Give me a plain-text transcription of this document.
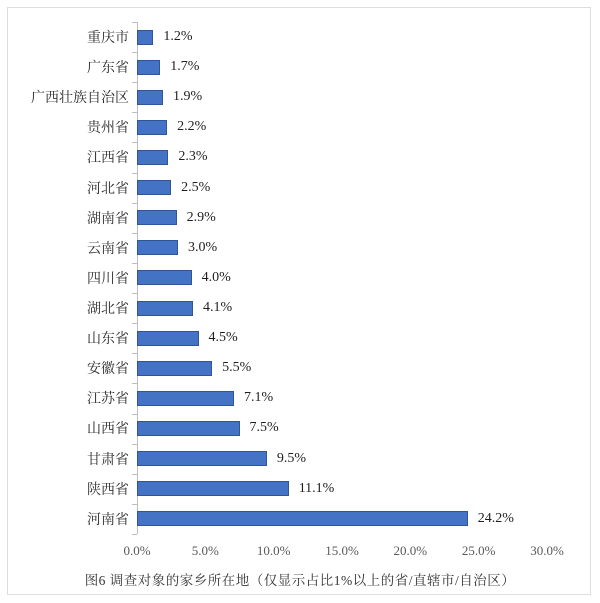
重庆市	1.2%
广东省	1.7%
广西壮族自治区	1.9%
贵州省	2.2%
江西省	2.3%
河北省	2.5%
湖南省	2.9%
云南省	3.0%
四川省	4.0%
湖北省	4.1%
山东省	4.5%
安徽省	5.5%
江苏省	7.1%
山西省	7.5%
甘肃省	9.5%
陕西省	11.1%
河南省	24.2%
0.0%	5.0%	10.0%	15.0%	20.0%	25.0%	30.0%
图6 调查对象的家乡所在地（仅显示占比1%以上的省/直辖市/自治区）
